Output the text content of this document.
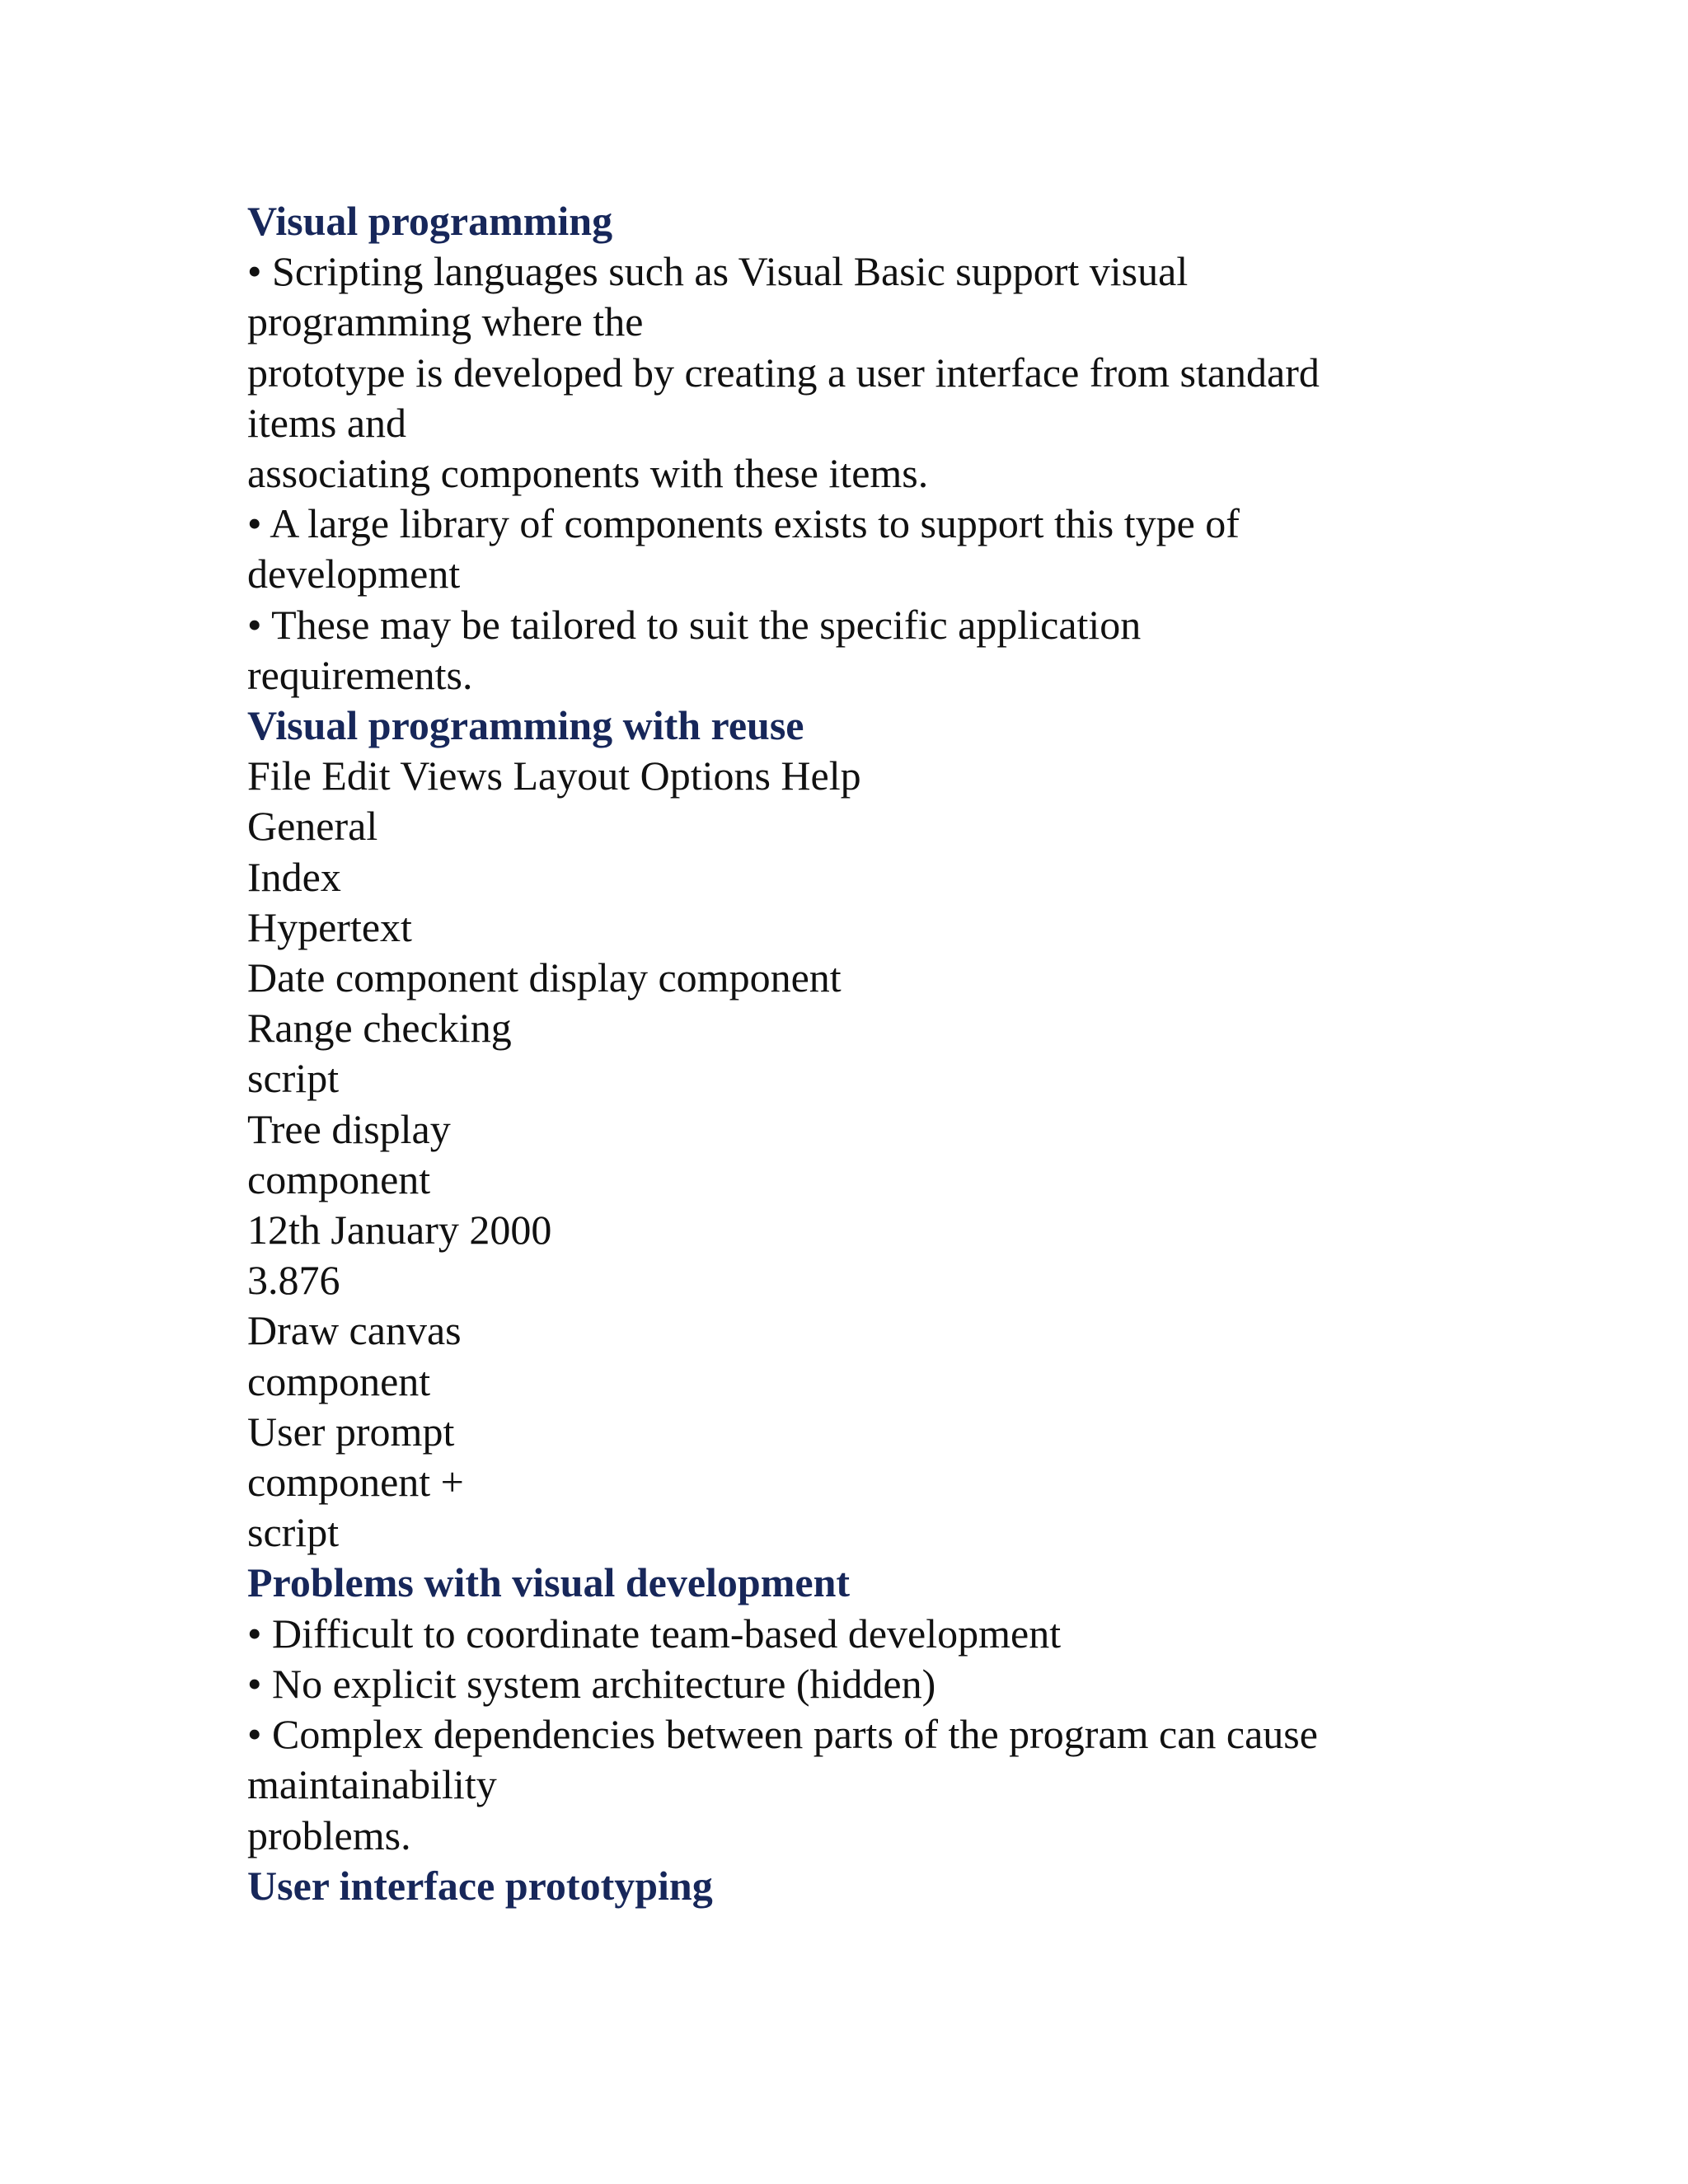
Visual programming

• Scripting languages such as Visual Basic support visual

programming where the

prototype is developed by creating a user interface from standard

items and

associating components with these items.

• A large library of components exists to support this type of

development

• These may be tailored to suit the specific application

requirements.

Visual programming with reuse

File Edit Views Layout Options Help

General

Index

Hypertext

Date component display component

Range checking

script

Tree display

component

12th January 2000

3.876

Draw canvas

component

User prompt

component +

script

Problems with visual development

• Difficult to coordinate team-based development

• No explicit system architecture (hidden)

• Complex dependencies between parts of the program can cause

maintainability

problems.

User interface prototyping
